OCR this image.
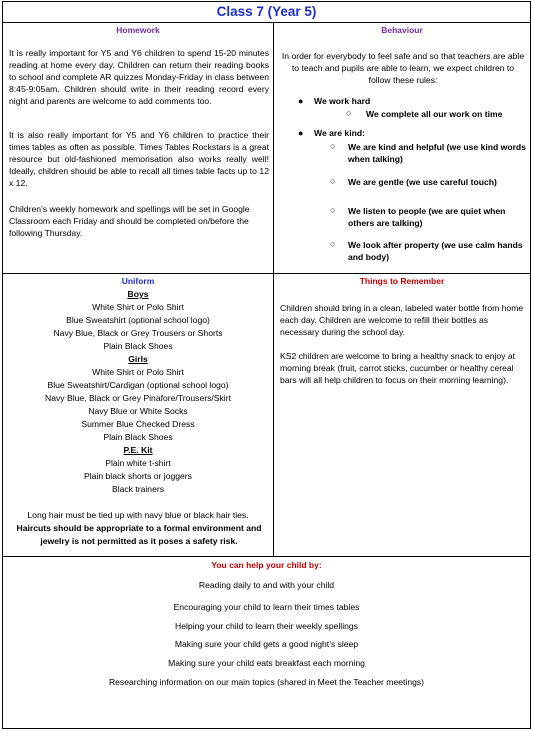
Class 7 (Year 5)
Homework
It is really important for Y5 and Y6 children to spend 15-20 minutes reading at home every day. Children can return their reading books to school and complete AR quizzes Monday-Friday in class between 8:45-9:05am. Children should write in their reading record every night and parents are welcome to add comments too.
It is also really important for Y5 and Y6 children to practice their times tables as often as possible. Times Tables Rockstars is a great resource but old-fashioned memorisation also works really well! Ideally, children should be able to recall all times table facts up to 12 x 12.
Children’s weekly homework and spellings will be set in Google Classroom each Friday and should be completed on/before the following Thursday.
Behaviour
In order for everybody to feel safe and so that teachers are able to teach and pupils are able to learn, we expect children to follow these rules:
● We work hard
○ We complete all our work on time
● We are kind:
○ We are kind and helpful (we use kind words when talking)
○ We are gentle (we use careful touch)
○ We listen to people (we are quiet when others are talking)
○ We look after property (we use calm hands and body)
Uniform
Boys
White Shirt or Polo Shirt
Blue Sweatshirt (optional school logo)
Navy Blue, Black or Grey Trousers or Shorts
Plain Black Shoes
Girls
White Shirt or Polo Shirt
Blue Sweatshirt/Cardigan (optional school logo)
Navy Blue, Black or Grey Pinafore/Trousers/Skirt
Navy Blue or White Socks
Summer Blue Checked Dress
Plain Black Shoes
P.E. Kit
Plain white t-shirt
Plain black shorts or joggers
Black trainers
Long hair must be tied up with navy blue or black hair ties.
Haircuts should be appropriate to a formal environment and jewelry is not permitted as it poses a safety risk.
Things to Remember
Children should bring in a clean, labeled water bottle from home each day. Children are welcome to refill their bottles as necessary during the school day.
KS2 children are welcome to bring a healthy snack to enjoy at morning break (fruit, carrot sticks, cucumber or healthy cereal bars will all help children to focus on their morning learning).
You can help your child by:
Reading daily to and with your child
Encouraging your child to learn their times tables
Helping your child to learn their weekly spellings
Making sure your child gets a good night’s sleep
Making sure your child eats breakfast each morning
Researching information on our main topics (shared in Meet the Teacher meetings)
